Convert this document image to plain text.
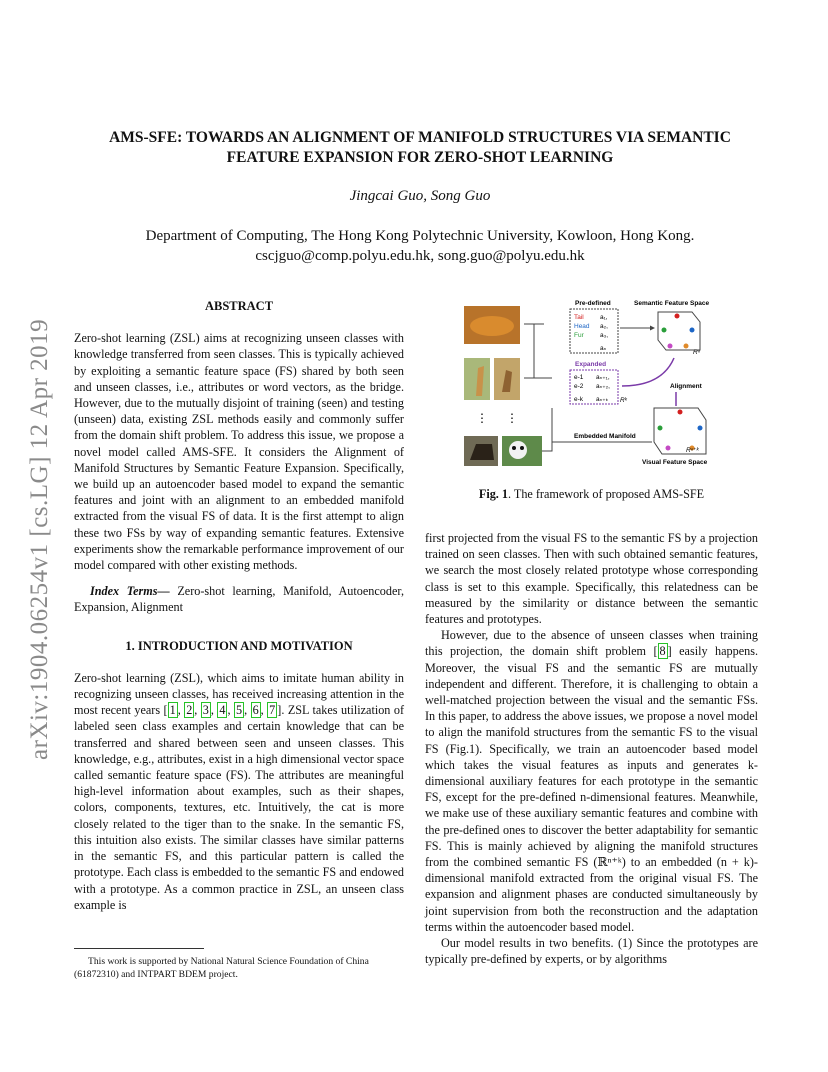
arXiv:1904.06254v1 [cs.LG] 12 Apr 2019
AMS-SFE: TOWARDS AN ALIGNMENT OF MANIFOLD STRUCTURES VIA SEMANTIC
FEATURE EXPANSION FOR ZERO-SHOT LEARNING
Jingcai Guo, Song Guo
Department of Computing, The Hong Kong Polytechnic University, Kowloon, Hong Kong.
cscjguo@comp.polyu.edu.hk, song.guo@polyu.edu.hk
ABSTRACT

Zero-shot learning (ZSL) aims at recognizing unseen classes with knowledge transferred from seen classes. This is typically achieved by exploiting a semantic feature space (FS) shared by both seen and unseen classes, i.e., attributes or word vectors, as the bridge. However, due to the mutually disjoint of training (seen) and testing (unseen) data, existing ZSL methods easily and commonly suffer from the domain shift problem. To address this issue, we propose a novel model called AMS-SFE. It considers the Alignment of Manifold Structures by Semantic Feature Expansion. Specifically, we build up an autoencoder based model to expand the semantic features and joint with an alignment to an embedded manifold extracted from the visual FS of data. It is the first attempt to align these two FSs by way of expanding semantic features. Extensive experiments show the remarkable performance improvement of our model compared with other existing methods.

Index Terms— Zero-shot learning, Manifold, Autoencoder, Expansion, Alignment

1. INTRODUCTION AND MOTIVATION

Zero-shot learning (ZSL), which aims to imitate human ability in recognizing unseen classes, has received increasing attention in the most recent years [ 1 , 2 , 3 , 4 , 5 , 6 , 7 ]. ZSL takes utilization of labeled seen class examples and certain knowledge that can be transferred and shared between seen and unseen classes. This knowledge, e.g., attributes, exist in a high dimensional vector space called semantic feature space (FS). The attributes are meaningful high-level information about examples, such as their shapes, colors, components, textures, etc. Intuitively, the cat is more closely related to the tiger than to the snake. In the semantic FS, this intuition also exists. The similar classes have similar patterns in the semantic FS, and this particular pattern is called the prototype. Each class is embedded to the semantic FS and endowed with a prototype. As a common practice in ZSL, an unseen class example is

This work is supported by National Natural Science Foundation of China (61872310) and INTPART BDEM project.

⋮ ⋮
Pre-defined
Tail
Head
Fur
a₁,
a₂,
a₃,
aₙ
Semantic Feature Space
Rⁿ
Expanded
e-1
e-2
e-k
aₙ₊₁,
aₙ₊₂,
aₙ₊ₖ Rᵏ
Alignment
Embedded Manifold
Rⁿ⁺ᵏ
Visual Feature Space
Fig. 1. The framework of proposed AMS-SFE

first projected from the visual FS to the semantic FS by a projection trained on seen classes. Then with such obtained semantic features, we search the most closely related prototype whose corresponding class is set to this example. Specifically, this relatedness can be measured by the similarity or distance between the semantic features and prototypes.

However, due to the absence of unseen classes when training this projection, the domain shift problem [ 8 ] easily happens. Moreover, the visual FS and the semantic FS are mutually independent and different. Therefore, it is challenging to obtain a well-matched projection between the visual and the semantic FSs. In this paper, to address the above issues, we propose a novel model to align the manifold structures from the semantic FS to the visual FS (Fig.1). Specifically, we train an autoencoder based model which takes the visual features as inputs and generates k-dimensional auxiliary features for each prototype in the semantic FS, except for the pre-defined n-dimensional features. Meanwhile, we make use of these auxiliary semantic features and combine with the pre-defined ones to discover the better adaptability for semantic FS. This is mainly achieved by aligning the manifold structures from the combined semantic FS (ℝⁿ⁺ᵏ) to an embedded (n + k)-dimensional manifold extracted from the original visual FS. The expansion and alignment phases are conducted simultaneously by joint supervision from both the reconstruction and the adaptation terms within the autoencoder based model.

Our model results in two benefits. (1) Since the prototypes are typically pre-defined by experts, or by algorithms
